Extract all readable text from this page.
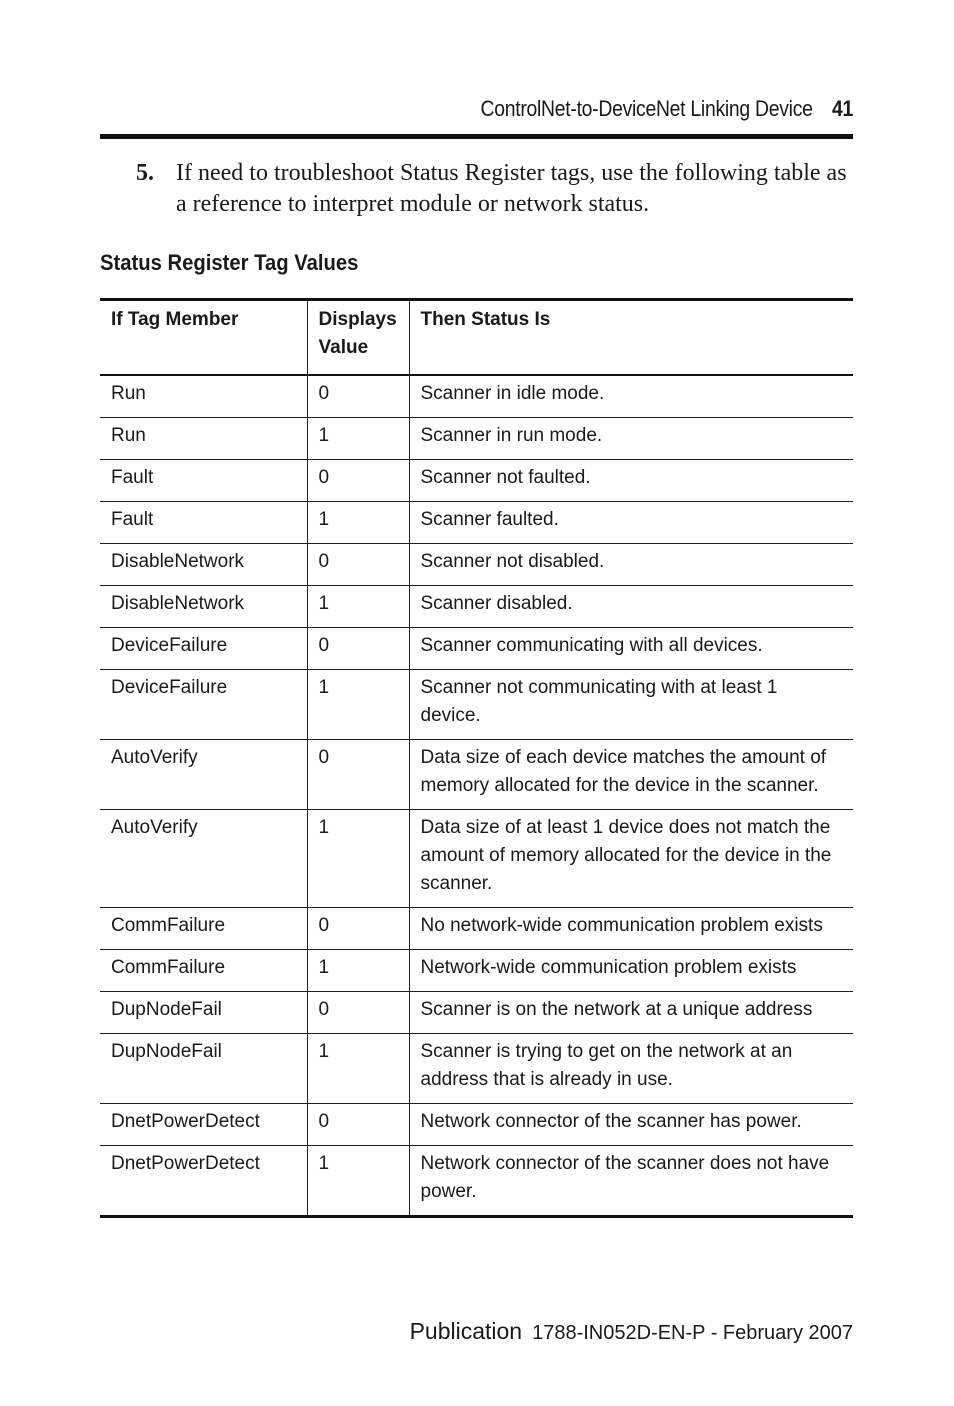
ControlNet-to-DeviceNet Linking Device 41
5. If need to troubleshoot Status Register tags, use the following table as a reference to interpret module or network status.
Status Register Tag Values
If Tag Member	Displays Value	Then Status Is
Run	0	Scanner in idle mode.
Run	1	Scanner in run mode.
Fault	0	Scanner not faulted.
Fault	1	Scanner faulted.
DisableNetwork	0	Scanner not disabled.
DisableNetwork	1	Scanner disabled.
DeviceFailure	0	Scanner communicating with all devices.
DeviceFailure	1	Scanner not communicating with at least 1 device.
AutoVerify	0	Data size of each device matches the amount of memory allocated for the device in the scanner.
AutoVerify	1	Data size of at least 1 device does not match the amount of memory allocated for the device in the scanner.
CommFailure	0	No network-wide communication problem exists
CommFailure	1	Network-wide communication problem exists
DupNodeFail	0	Scanner is on the network at a unique address
DupNodeFail	1	Scanner is trying to get on the network at an address that is already in use.
DnetPowerDetect	0	Network connector of the scanner has power.
DnetPowerDetect	1	Network connector of the scanner does not have power.
Publication 1788-IN052D-EN-P - February 2007
